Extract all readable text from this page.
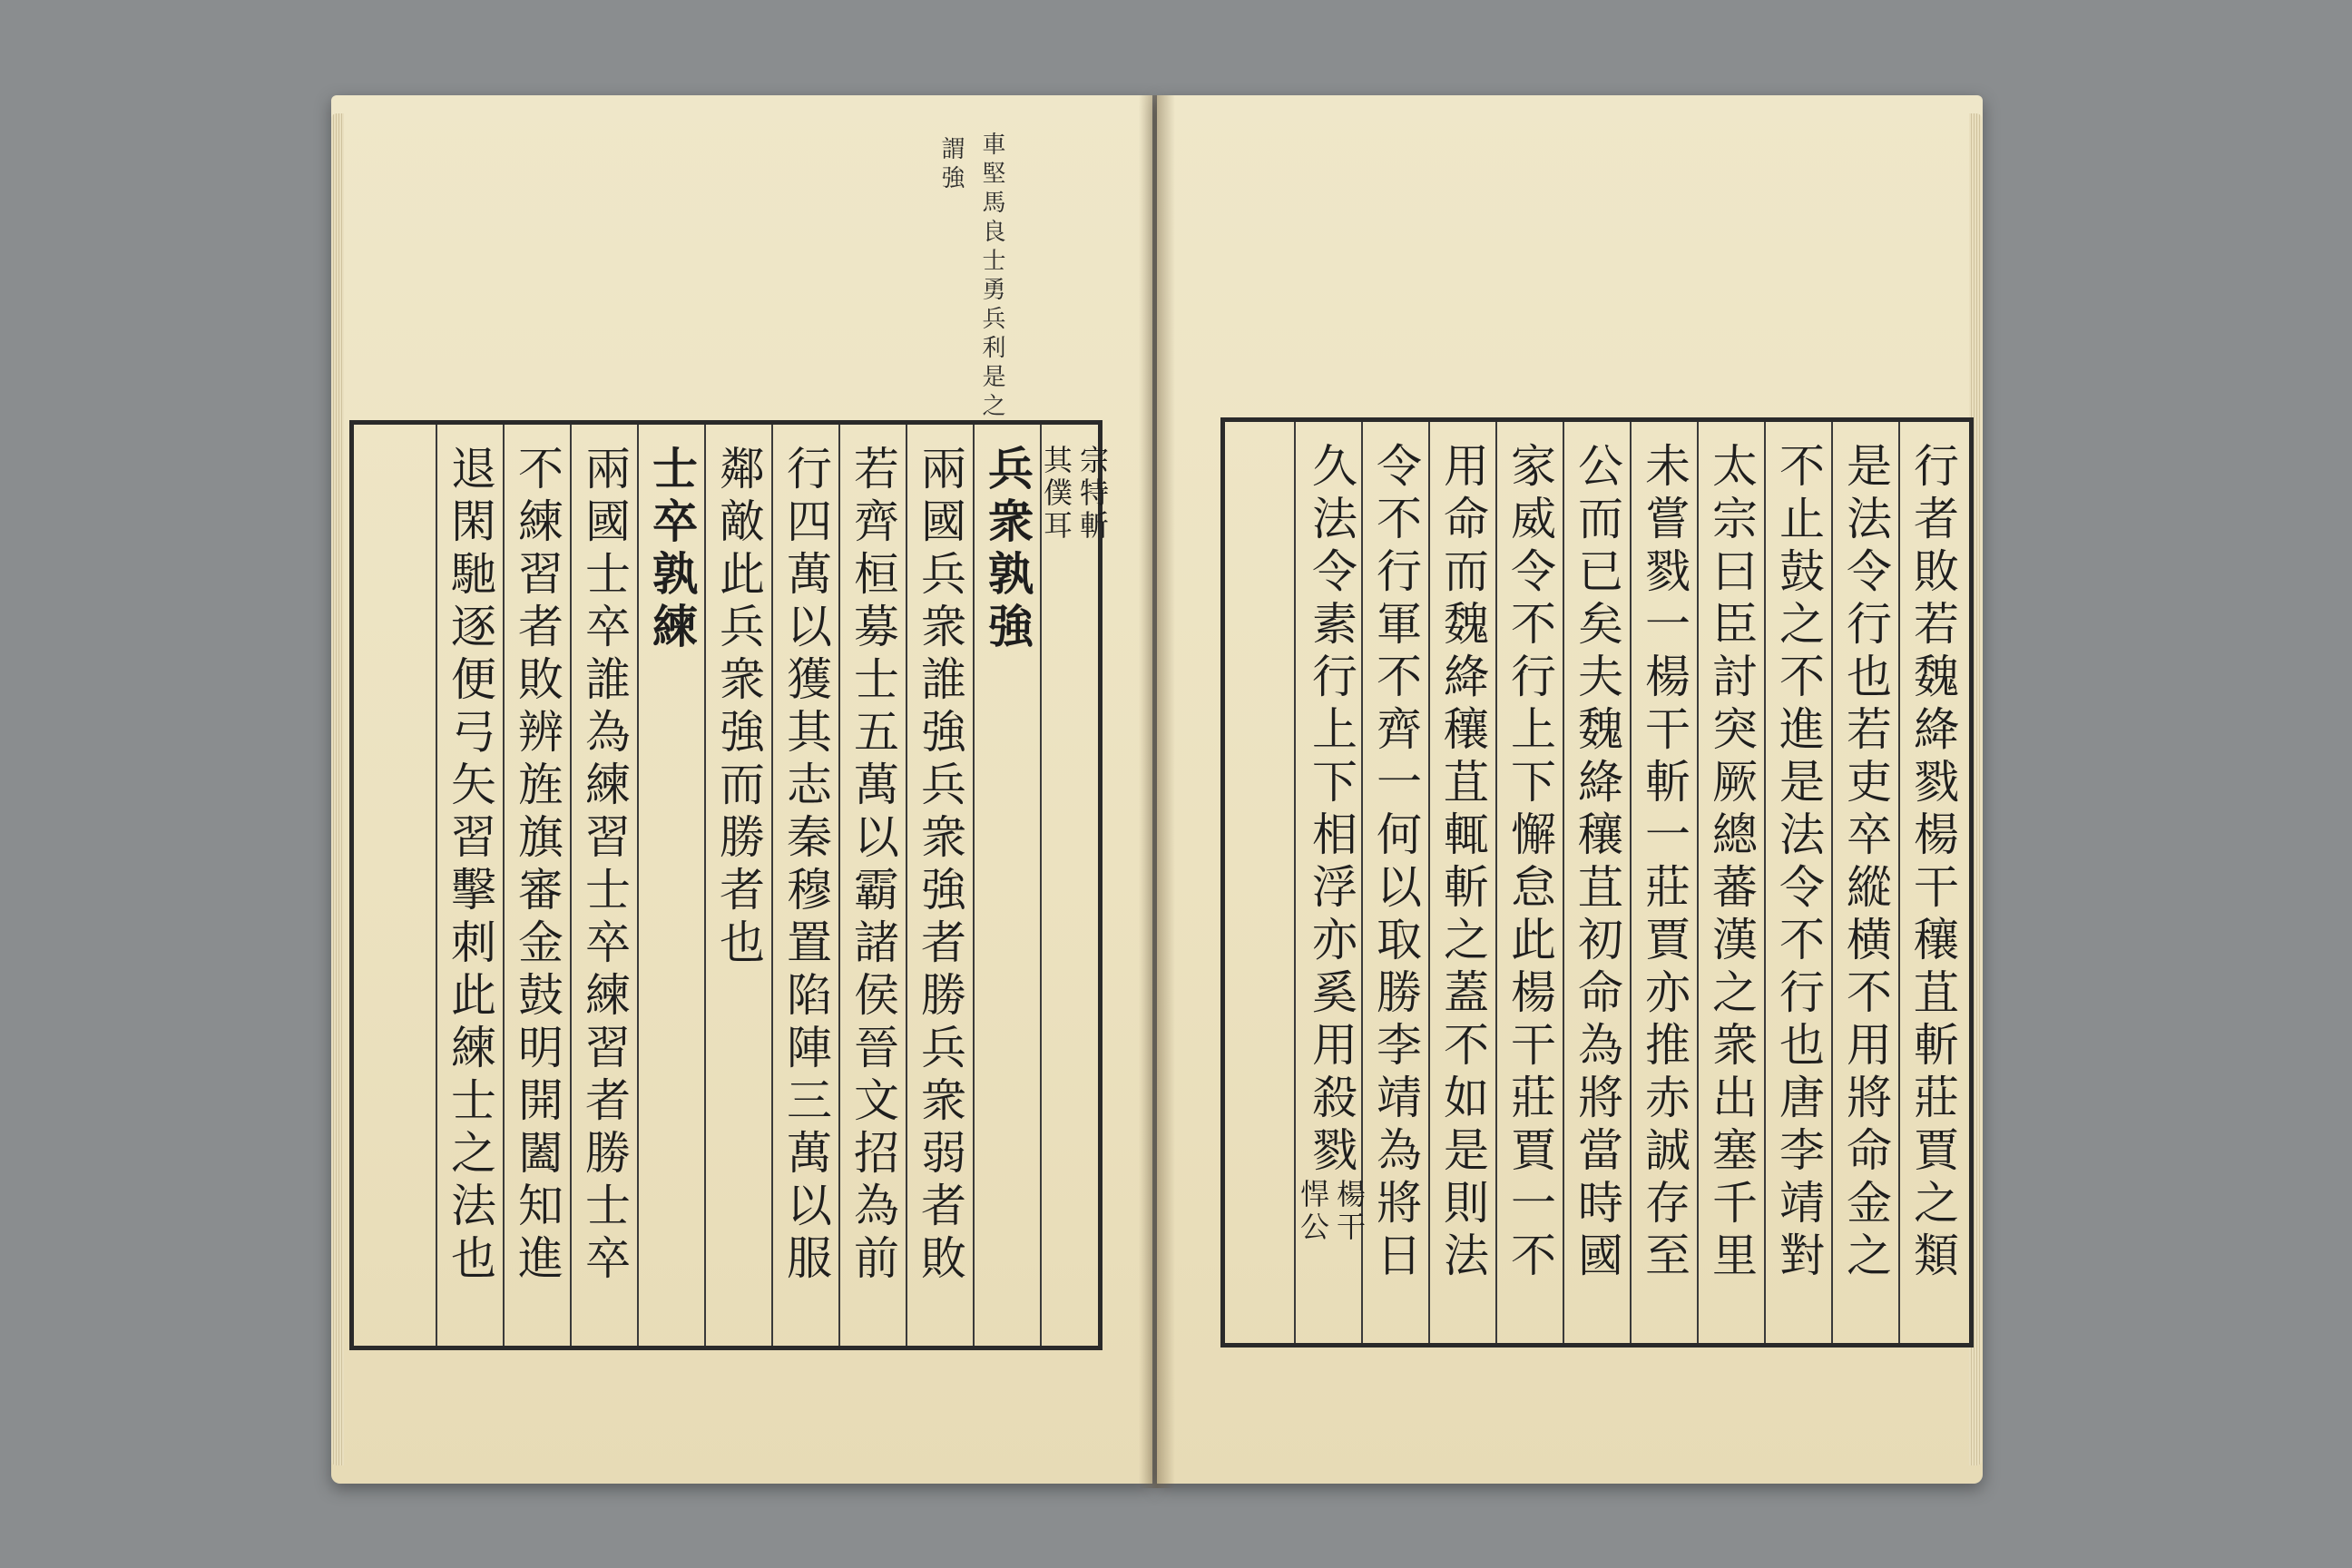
車堅馬良士勇兵利是之
謂強
宗特斬
其僕耳
兵衆孰強
兩國兵衆誰強兵衆強者勝兵衆弱者敗
若齊桓募士五萬以霸諸侯晉文招為前
行四萬以獲其志秦穆置陷陣三萬以服
鄰敵此兵衆強而勝者也
士卒孰練
兩國士卒誰為練習士卒練習者勝士卒
不練習者敗辨旌旗審金鼓明開闔知進
退閑馳逐便弓矢習擊刺此練士之法也	行者敗若魏絳戮楊干穰苴斬莊賈之類
是法令行也若吏卒縱横不用將命金之
不止鼓之不進是法令不行也唐李靖對
太宗曰臣討突厥總蕃漢之衆出塞千里
未嘗戮一楊干斬一莊賈亦推赤誠存至
公而已矣夫魏絳穰苴初命為將當時國
家威令不行上下懈怠此楊干莊賈一不
用命而魏絳穰苴輒斬之蓋不如是則法
令不行軍不齊一何以取勝李靖為將日
久法令素行上下相浮亦奚用殺戮
楊干
悍公
